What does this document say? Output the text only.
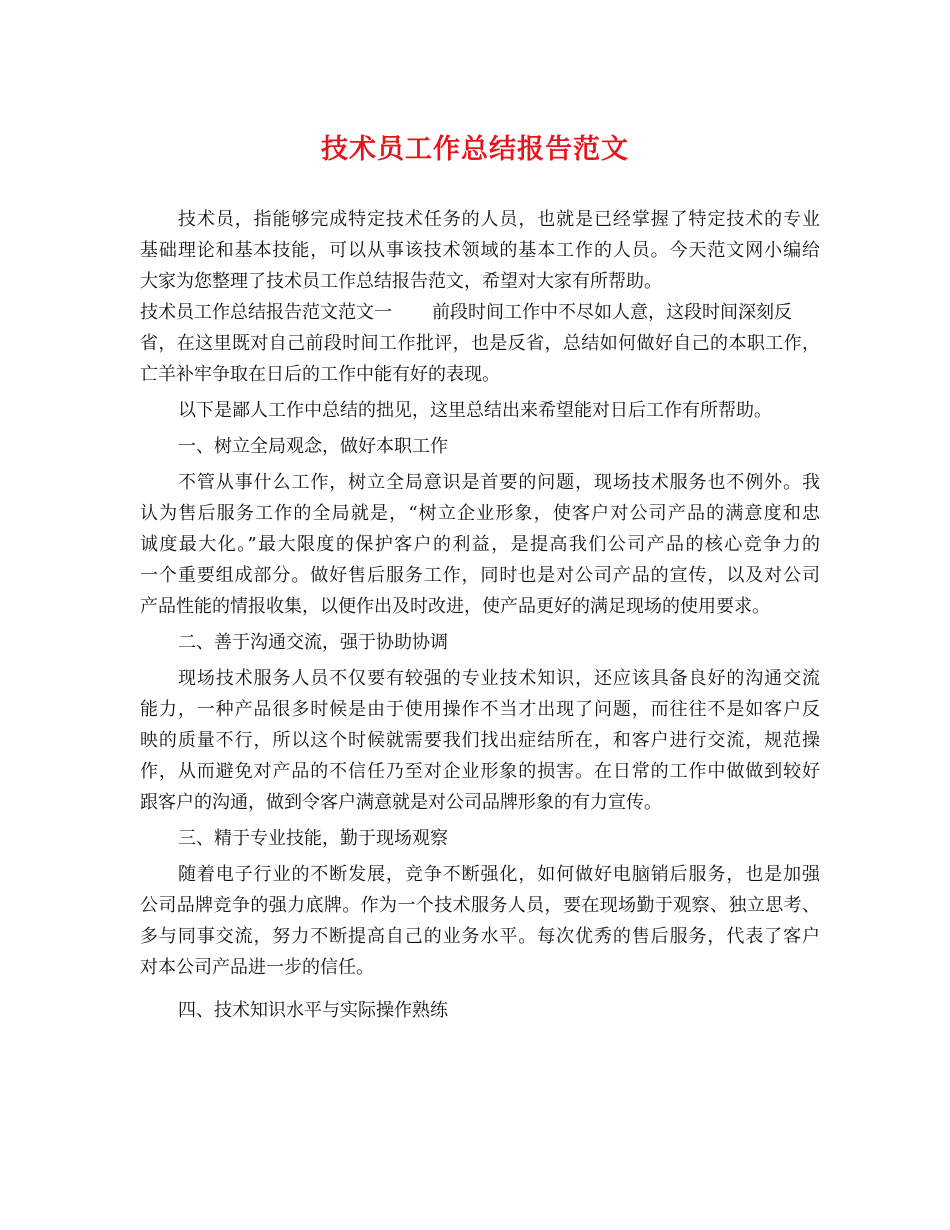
技术员工作总结报告范文
技术员，指能够完成特定技术任务的人员，也就是已经掌握了特定技术的专业
基础理论和基本技能，可以从事该技术领域的基本工作的人员。今天范文网小编给
大家为您整理了技术员工作总结报告范文，希望对大家有所帮助。
技术员工作总结报告范文范文一 前段时间工作中不尽如人意，这段时间深刻反
省，在这里既对自己前段时间工作批评，也是反省，总结如何做好自己的本职工作，
亡羊补牢争取在日后的工作中能有好的表现。
以下是鄙人工作中总结的拙见，这里总结出来希望能对日后工作有所帮助。
一、树立全局观念，做好本职工作
不管从事什么工作，树立全局意识是首要的问题，现场技术服务也不例外。我
认为售后服务工作的全局就是，“树立企业形象，使客户对公司产品的满意度和忠
诚度最大化。”最大限度的保护客户的利益，是提高我们公司产品的核心竞争力的
一个重要组成部分。做好售后服务工作，同时也是对公司产品的宣传，以及对公司
产品性能的情报收集，以便作出及时改进，使产品更好的满足现场的使用要求。
二、善于沟通交流，强于协助协调
现场技术服务人员不仅要有较强的专业技术知识，还应该具备良好的沟通交流
能力，一种产品很多时候是由于使用操作不当才出现了问题，而往往不是如客户反
映的质量不行，所以这个时候就需要我们找出症结所在，和客户进行交流，规范操
作，从而避免对产品的不信任乃至对企业形象的损害。在日常的工作中做做到较好
跟客户的沟通，做到令客户满意就是对公司品牌形象的有力宣传。
三、精于专业技能，勤于现场观察
随着电子行业的不断发展，竞争不断强化，如何做好电脑销后服务，也是加强
公司品牌竞争的强力底牌。作为一个技术服务人员，要在现场勤于观察、独立思考、
多与同事交流，努力不断提高自己的业务水平。每次优秀的售后服务，代表了客户
对本公司产品进一步的信任。
四、技术知识水平与实际操作熟练
